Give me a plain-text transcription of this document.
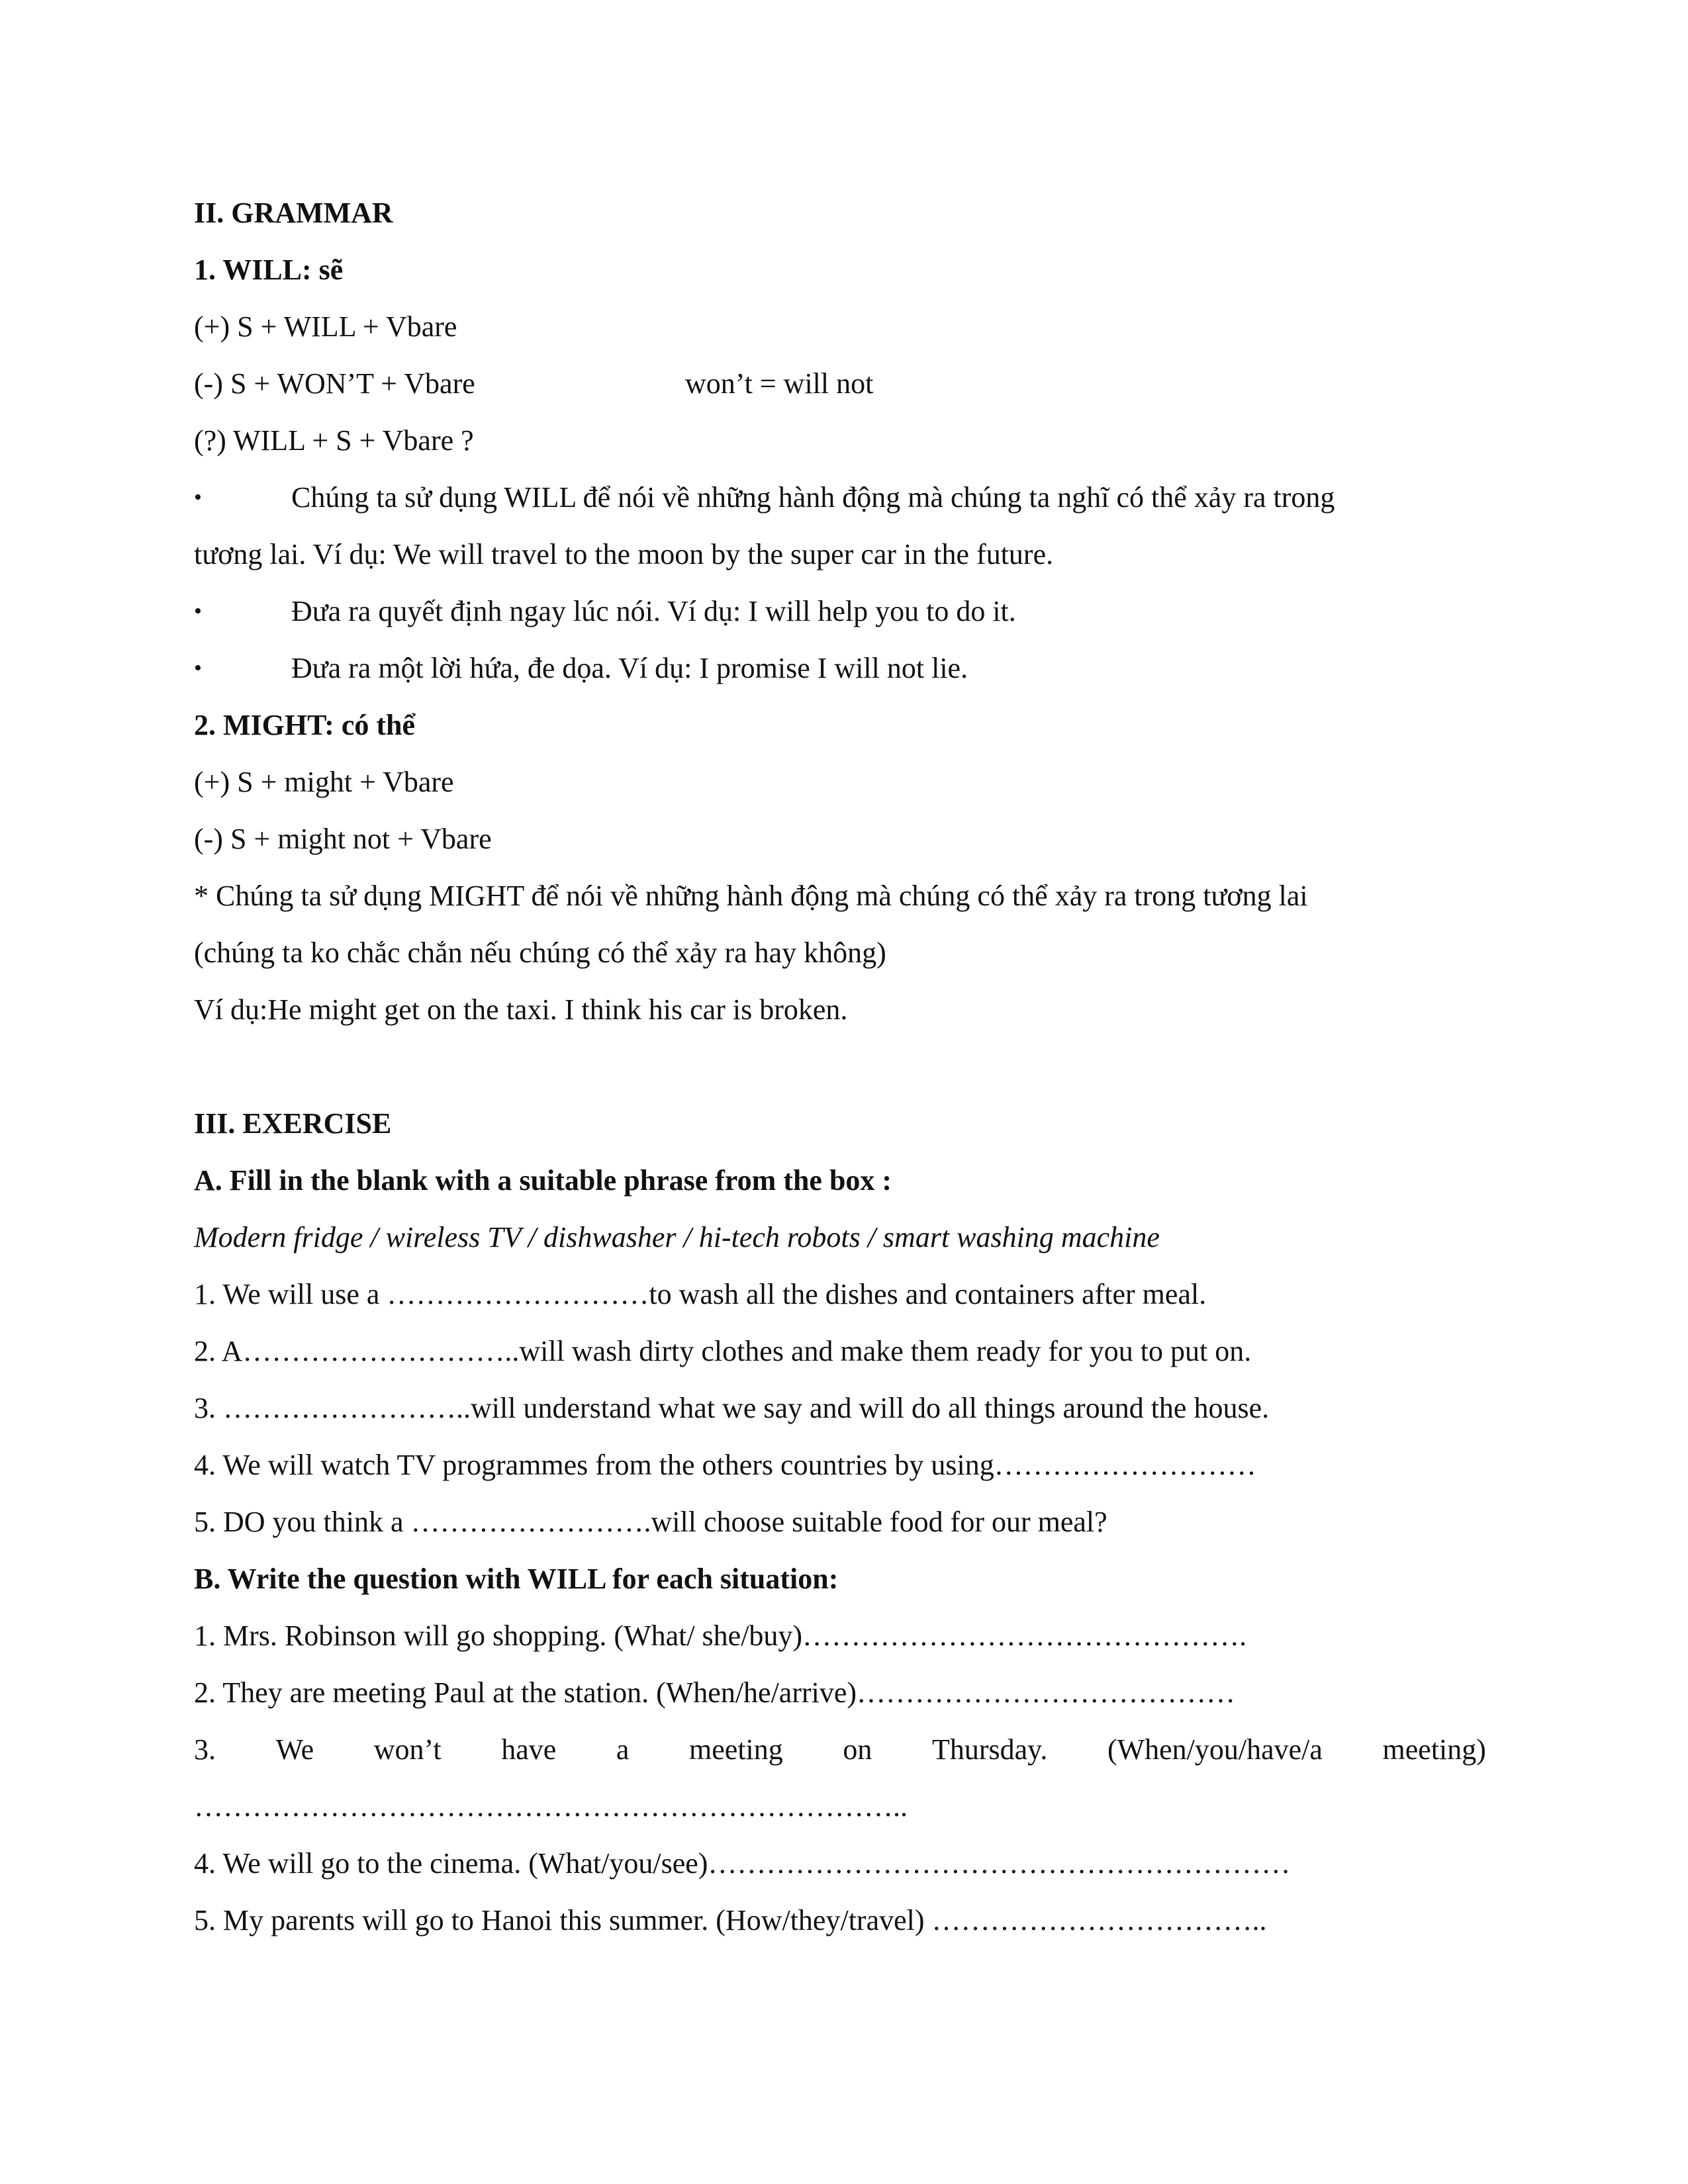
II. GRAMMAR
1. WILL: sẽ
(+) S + WILL + Vbare
(-) S + WON’T + Vbare	won’t = will not
(?) WILL + S + Vbare ?
•	Chúng ta sử dụng WILL để nói về những hành động mà chúng ta nghĩ có thể xảy ra trong
tương lai. Ví dụ: We will travel to the moon by the super car in the future.
•	Đưa ra quyết định ngay lúc nói. Ví dụ: I will help you to do it.
•	Đưa ra một lời hứa, đe dọa. Ví dụ: I promise I will not lie.
2. MIGHT: có thể
(+) S + might + Vbare
(-) S + might not + Vbare
* Chúng ta sử dụng MIGHT để nói về những hành động mà chúng có thể xảy ra trong tương lai
(chúng ta ko chắc chắn nếu chúng có thể xảy ra hay không)
Ví dụ:He might get on the taxi. I think his car is broken.
III. EXERCISE
A. Fill in the blank with a suitable phrase from the box :
Modern fridge / wireless TV / dishwasher / hi-tech robots / smart washing machine
1. We will use a ………………………to wash all the dishes and containers after meal.
2. A………………………..will wash dirty clothes and make them ready for you to put on.
3. ……………………..will understand what we say and will do all things around the house.
4. We will watch TV programmes from the others countries by using………………………
5. DO you think a …………………….will choose suitable food for our meal?
B. Write the question with WILL for each situation:
1. Mrs. Robinson will go shopping. (What/ she/buy)……………………………………….
2. They are meeting Paul at the station. (When/he/arrive)…………………………………
3. We won’t have a meeting on Thursday. (When/you/have/a meeting)
………………………………………………………………..
4. We will go to the cinema. (What/you/see)……………………………………………………
5. My parents will go to Hanoi this summer. (How/they/travel) ……………………………..
